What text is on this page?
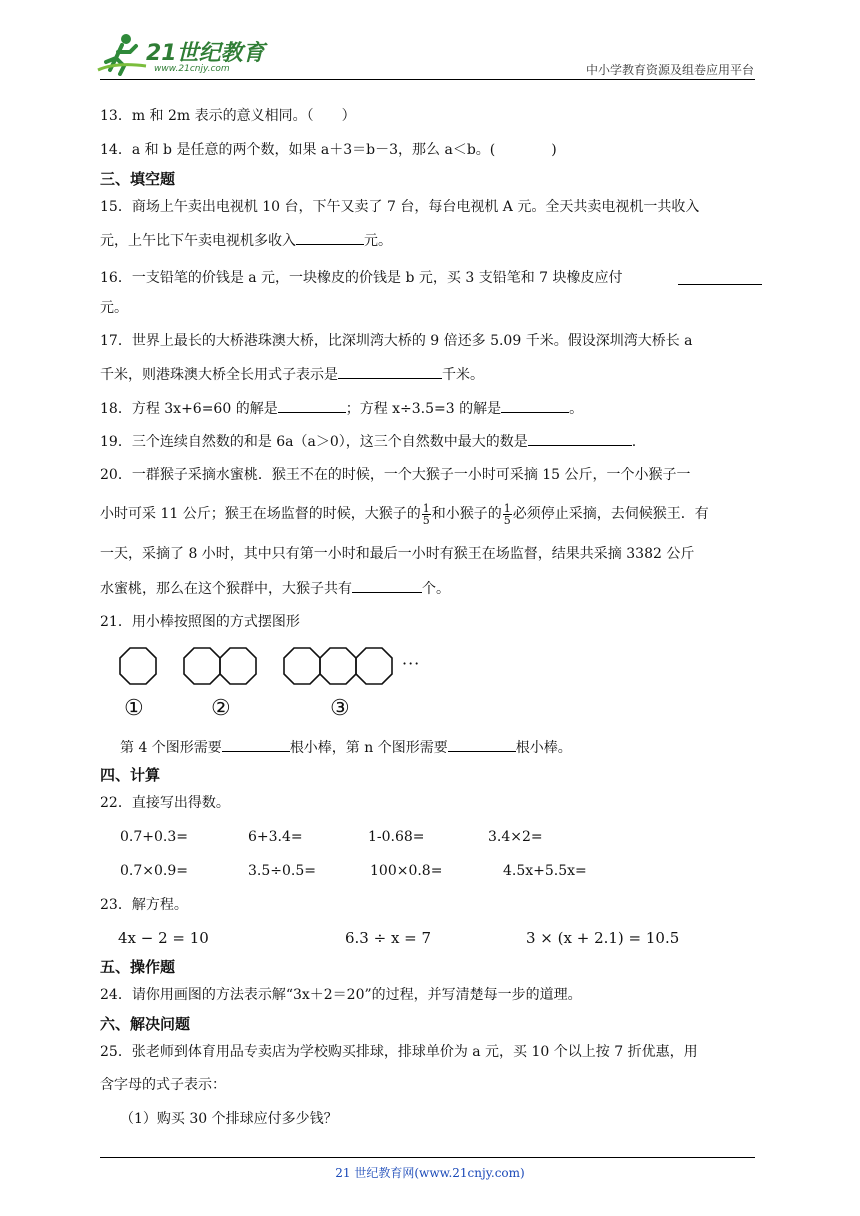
21世纪教育
www.21cnjy.com	中小学教育资源及组卷应用平台
13．m 和 2m 表示的意义相同。（　　）
14．a 和 b 是任意的两个数，如果 a＋3＝b－3，那么 a＜b。(　　　　)
三、填空题
15．商场上午卖出电视机 10 台，下午又卖了 7 台，每台电视机 A 元。全天共卖电视机一共收入
元，上午比下午卖电视机多收入	元。
16．一支铅笔的价钱是 a 元，一块橡皮的价钱是 b 元，买 3 支铅笔和 7 块橡皮应付
元。
17．世界上最长的大桥港珠澳大桥，比深圳湾大桥的 9 倍还多 5.09 千米。假设深圳湾大桥长 a
千米，则港珠澳大桥全长用式子表示是	千米。
18．方程 3x+6=60 的解是	；方程 x÷3.5=3 的解是	。
19．三个连续自然数的和是 6a（a＞0），这三个自然数中最大的数是	.
20．一群猴子采摘水蜜桃．猴王不在的时候，一个大猴子一小时可采摘 15 公斤，一个小猴子一
小时可采 11 公斤；猴王在场监督的时候，大猴子的 $\frac{1}{5}$ 和小猴子的 $\frac{1}{5}$ 必须停止采摘，去伺候猴王．有
一天，采摘了 8 小时，其中只有第一小时和最后一小时有猴王在场监督，结果共采摘 3382 公斤
水蜜桃，那么在这个猴群中，大猴子共有	个。
21．用小棒按照图的方式摆图形
···
①	②	③
第 4 个图形需要	根小棒，第 n 个图形需要	根小棒。
四、计算
22．直接写出得数。
0.7+0.3=	6+3.4=	1-0.68=	3.4×2=
0.7×0.9=	3.5÷0.5=	100×0.8=	4.5x+5.5x=
23．解方程。
4x − 2 = 10	6.3 ÷ x = 7	3 × (x + 2.1) = 10.5
五、操作题
24．请你用画图的方法表示解“3x＋2＝20”的过程，并写清楚每一步的道理。
六、解决问题
25．张老师到体育用品专卖店为学校购买排球，排球单价为 a 元，买 10 个以上按 7 折优惠，用
含字母的式子表示：
（1）购买 30 个排球应付多少钱？
21 世纪教育网(www.21cnjy.com)
